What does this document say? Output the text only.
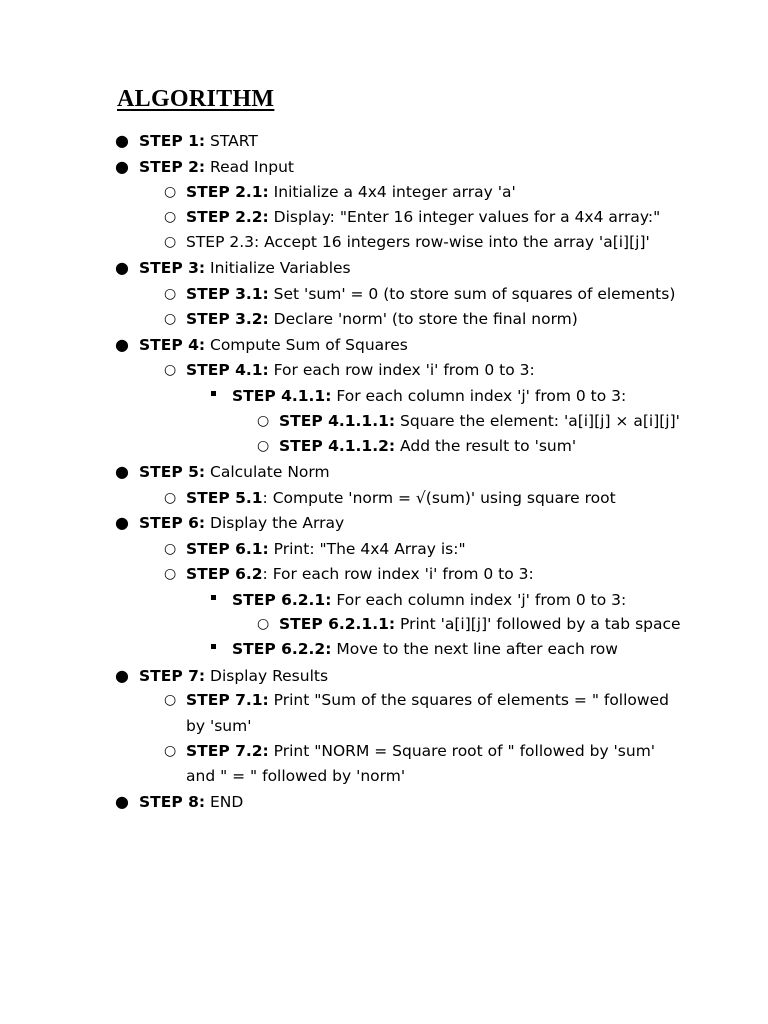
ALGORITHM
● STEP 1: START
● STEP 2: Read Input
○ STEP 2.1: Initialize a 4x4 integer array 'a'
○ STEP 2.2: Display: "Enter 16 integer values for a 4x4 array:"
○ STEP 2.3: Accept 16 integers row-wise into the array 'a[i][j]'
● STEP 3: Initialize Variables
○ STEP 3.1: Set 'sum' = 0 (to store sum of squares of elements)
○ STEP 3.2: Declare 'norm' (to store the final norm)
● STEP 4: Compute Sum of Squares
○ STEP 4.1: For each row index 'i' from 0 to 3:
STEP 4.1.1: For each column index 'j' from 0 to 3:
○ STEP 4.1.1.1: Square the element: 'a[i][j] × a[i][j]'
○ STEP 4.1.1.2: Add the result to 'sum'
● STEP 5: Calculate Norm
○ STEP 5.1: Compute 'norm = √(sum)' using square root
● STEP 6: Display the Array
○ STEP 6.1: Print: "The 4x4 Array is:"
○ STEP 6.2: For each row index 'i' from 0 to 3:
STEP 6.2.1: For each column index 'j' from 0 to 3:
○ STEP 6.2.1.1: Print 'a[i][j]' followed by a tab space
STEP 6.2.2: Move to the next line after each row
● STEP 7: Display Results
○ STEP 7.1: Print "Sum of the squares of elements = " followed
by 'sum'
○ STEP 7.2: Print "NORM = Square root of " followed by 'sum'
and " = " followed by 'norm'
● STEP 8: END
